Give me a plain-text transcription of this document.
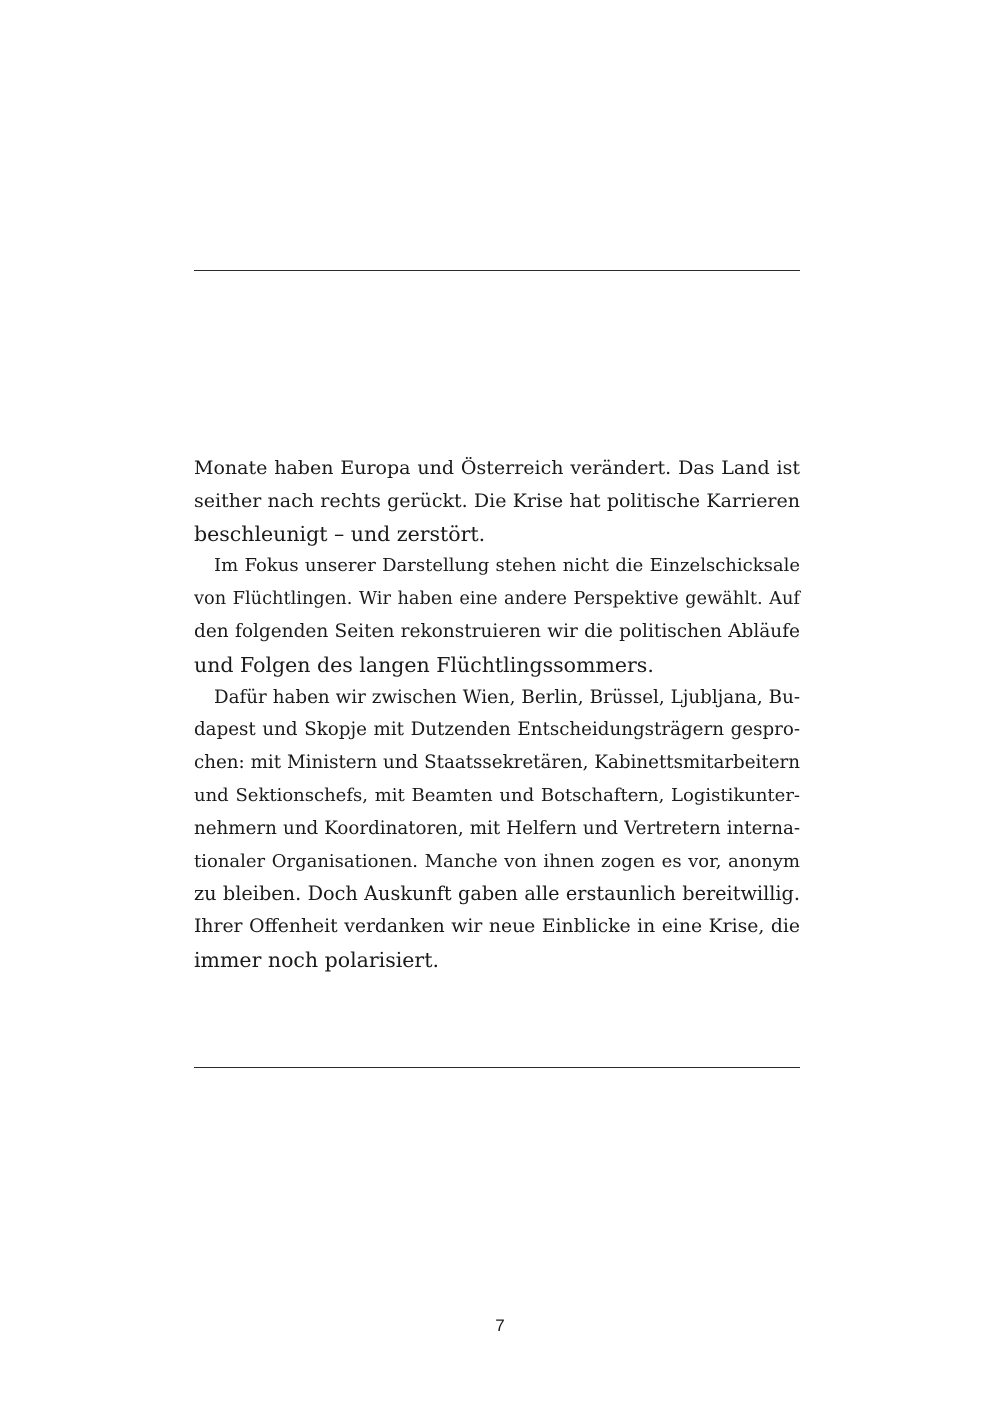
Monate haben Europa und Österreich verändert. Das Land ist
seither nach rechts gerückt. Die Krise hat politische Karrieren
beschleunigt – und zerstört.
Im Fokus unserer Darstellung stehen nicht die Einzelschicksale
von Flüchtlingen. Wir haben eine andere Perspektive gewählt. Auf
den folgenden Seiten rekonstruieren wir die politischen Abläufe
und Folgen des langen Flüchtlingssommers.
Dafür haben wir zwischen Wien, Berlin, Brüssel, Ljubljana, Bu-
dapest und Skopje mit Dutzenden Entscheidungsträgern gespro-
chen: mit Ministern und Staatssekretären, Kabinettsmitarbeitern
und Sektionschefs, mit Beamten und Botschaftern, Logistikunter-
nehmern und Koordinatoren, mit Helfern und Vertretern interna-
tionaler Organisationen. Manche von ihnen zogen es vor, anonym
zu bleiben. Doch Auskunft gaben alle erstaunlich bereitwillig.
Ihrer Offenheit verdanken wir neue Einblicke in eine Krise, die
immer noch polarisiert.
7
